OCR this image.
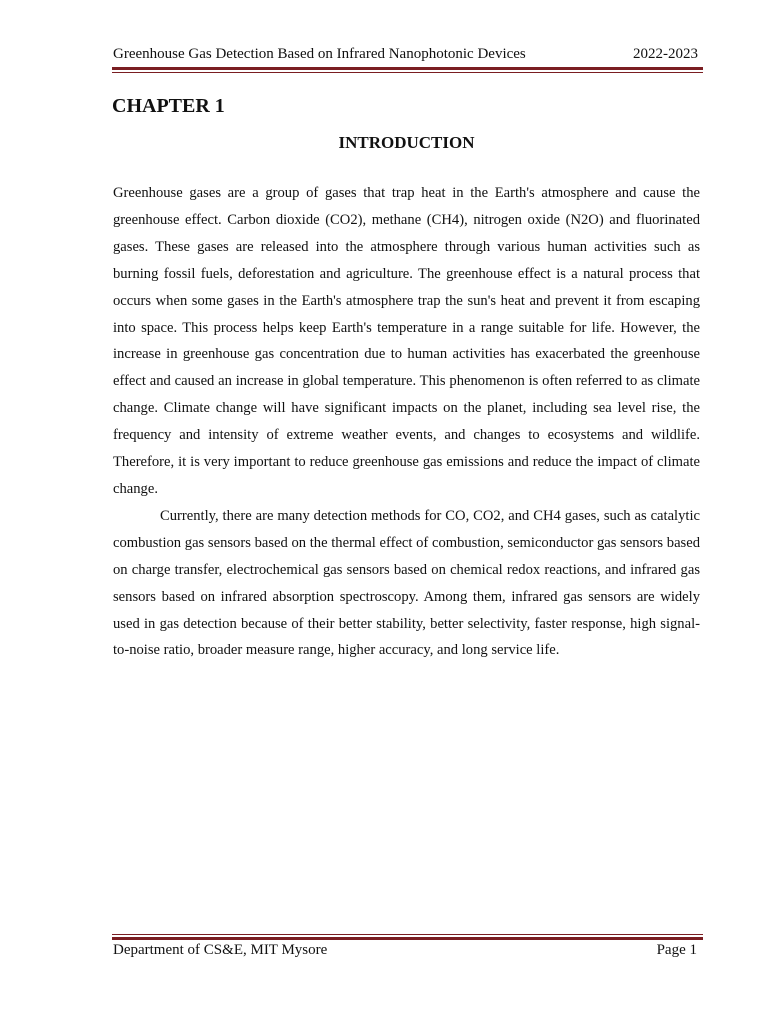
Greenhouse Gas Detection Based on Infrared Nanophotonic Devices	2022-2023
CHAPTER 1
INTRODUCTION

Greenhouse gases are a group of gases that trap heat in the Earth's atmosphere and cause the greenhouse effect. Carbon dioxide (CO2), methane (CH4), nitrogen oxide (N2O) and fluorinated gases. These gases are released into the atmosphere through various human activities such as burning fossil fuels, deforestation and agriculture. The greenhouse effect is a natural process that occurs when some gases in the Earth's atmosphere trap the sun's heat and prevent it from escaping into space. This process helps keep Earth's temperature in a range suitable for life. However, the increase in greenhouse gas concentration due to human activities has exacerbated the greenhouse effect and caused an increase in global temperature. This phenomenon is often referred to as climate change. Climate change will have significant impacts on the planet, including sea level rise, the frequency and intensity of extreme weather events, and changes to ecosystems and wildlife. Therefore, it is very important to reduce greenhouse gas emissions and reduce the impact of climate change.

Currently, there are many detection methods for CO, CO2, and CH4 gases, such as catalytic combustion gas sensors based on the thermal effect of combustion, semiconductor gas sensors based on charge transfer, electrochemical gas sensors based on chemical redox reactions, and infrared gas sensors based on infrared absorption spectroscopy. Among them, infrared gas sensors are widely used in gas detection because of their better stability, better selectivity, faster response, high signal-to-noise ratio, broader measure range, higher accuracy, and long service life.

Department of CS&E, MIT Mysore	Page 1
